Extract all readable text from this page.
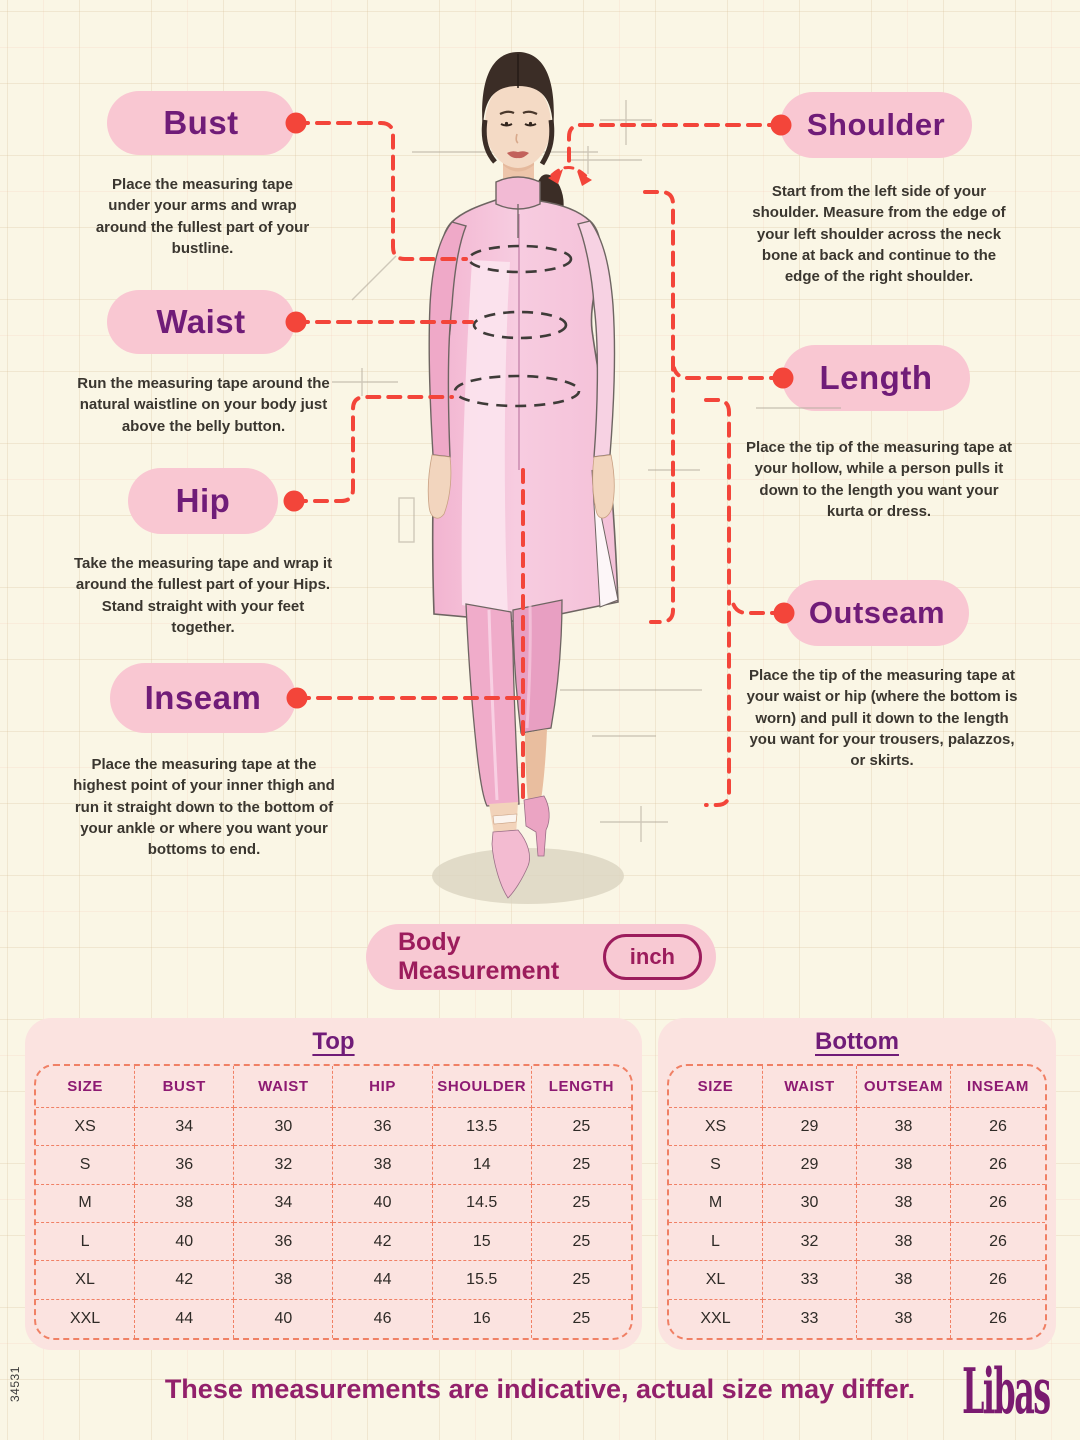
Bust

Place the measuring tape under your arms and wrap around the fullest part of your bustline.

Waist

Run the measuring tape around the natural waistline on your body just above the belly button.

Hip

Take the measuring tape and wrap it around the fullest part of your Hips. Stand straight with your feet together.

Inseam

Place the measuring tape at the highest point of your inner thigh and run it straight down to the bottom of your ankle or where you want your bottoms to end.

Shoulder

Start from the left side of your shoulder. Measure from the edge of your left shoulder across the neck bone at back and continue to the edge of the right shoulder.

Length

Place the tip of the measuring tape at your hollow, while a person pulls it down to the length you want your kurta or dress.

Outseam

Place the tip of the measuring tape at your waist or hip (where the bottom is worn) and pull it down to the length you want for your trousers, palazzos, or skirts.

Body Measurement
inch
Top
SIZE	BUST	WAIST	HIP	SHOULDER	LENGTH
XS	34	30	36	13.5	25
S	36	32	38	14	25
M	38	34	40	14.5	25
L	40	36	42	15	25
XL	42	38	44	15.5	25
XXL	44	40	46	16	25
Bottom
SIZE	WAIST	OUTSEAM	INSEAM
XS	29	38	26
S	29	38	26
M	30	38	26
L	32	38	26
XL	33	38	26
XXL	33	38	26
These measurements are indicative, actual size may differ.	Libas
34531
